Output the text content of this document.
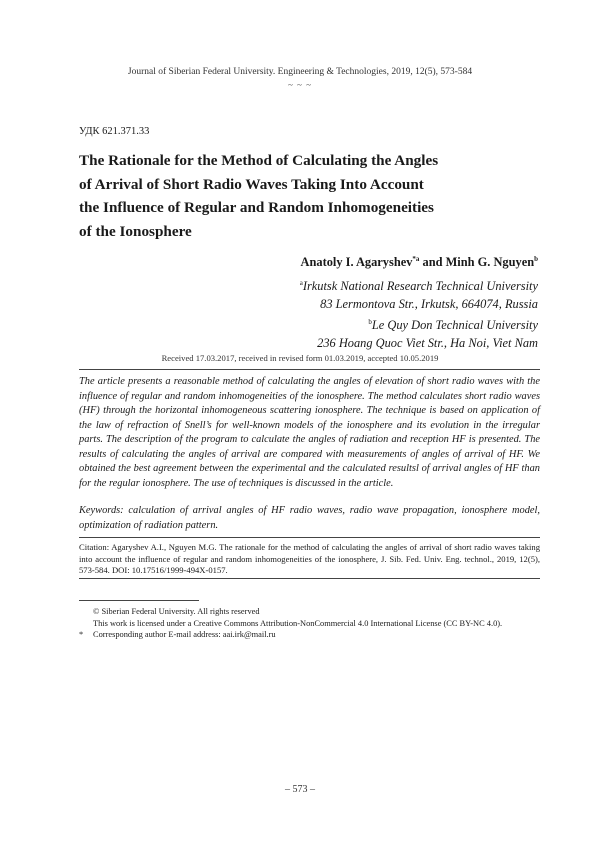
Journal of Siberian Federal University. Engineering & Technologies, 2019, 12(5), 573-584
~ ~ ~
УДК 621.371.33
The Rationale for the Method of Calculating the Angles
of Arrival of Short Radio Waves Taking Into Account
the Influence of Regular and Random Inhomogeneities
of the Ionosphere
Anatoly I. Agaryshev$^{*a}$ and Minh G. Nguyen$^b$
$^a$Irkutsk National Research Technical University
83 Lermontova Str., Irkutsk, 664074, Russia
$^b$Le Quy Don Technical University
236 Hoang Quoc Viet Str., Ha Noi, Viet Nam
Received 17.03.2017, received in revised form 01.03.2019, accepted 10.05.2019
The article presents a reasonable method of calculating the angles of elevation of short radio waves with the influence of regular and random inhomogeneities of the ionosphere. The method calculates short radio waves (HF) through the horizontal inhomogeneous scattering ionosphere. The technique is based on application of the law of refraction of Snell’s for well-known models of the ionosphere and its evolution in the irregular parts. The description of the program to calculate the angles of radiation and reception HF is presented. The results of calculating the angles of arrival are compared with measurements of angles of arrival of HF. We obtained the best agreement between the experimental and the calculated resultsl of arrival angles of HF than for the regular ionosphere. The use of techniques is discussed in the article.
Keywords: calculation of arrival angles of HF radio waves, radio wave propagation, ionosphere model, optimization of radiation pattern.
Citation: Agaryshev A.I., Nguyen M.G. The rationale for the method of calculating the angles of arrival of short radio waves taking into account the influence of regular and random inhomogeneities of the ionosphere, J. Sib. Fed. Univ. Eng. technol., 2019, 12(5), 573-584. DOI: 10.17516/1999-494X-0157.
© Siberian Federal University. All rights reserved
This work is licensed under a Creative Commons Attribution-NonCommercial 4.0 International License (CC BY-NC 4.0).
*	Corresponding author E-mail address: aai.irk@mail.ru
– 573 –
